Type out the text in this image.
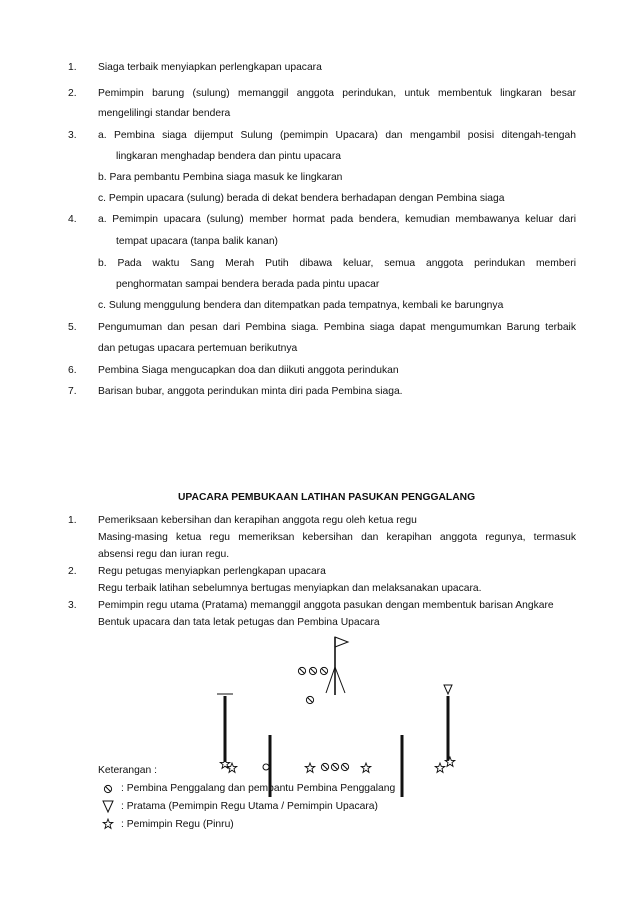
1. Siaga terbaik menyiapkan perlengkapan upacara
2. Pemimpin barung (sulung) memanggil anggota perindukan, untuk membentuk lingkaran besar
mengelilingi standar bendera
3. a. Pembina siaga dijemput Sulung (pemimpin Upacara) dan mengambil posisi ditengah-tengah
lingkaran menghadap bendera dan pintu upacara
b. Para pembantu Pembina siaga masuk ke lingkaran
c. Pempin upacara (sulung) berada di dekat bendera berhadapan dengan Pembina siaga
4. a. Pemimpin upacara (sulung) member hormat pada bendera, kemudian membawanya keluar dari
tempat upacara (tanpa balik kanan)
b. Pada waktu Sang Merah Putih dibawa keluar, semua anggota perindukan memberi
penghormatan sampai bendera berada pada pintu upacar
c. Sulung menggulung bendera dan ditempatkan pada tempatnya, kembali ke barungnya
5. Pengumuman dan pesan dari Pembina siaga. Pembina siaga dapat mengumumkan Barung terbaik
dan petugas upacara pertemuan berikutnya
6. Pembina Siaga mengucapkan doa dan diikuti anggota perindukan
7. Barisan bubar, anggota perindukan minta diri pada Pembina siaga.
UPACARA PEMBUKAAN LATIHAN PASUKAN PENGGALANG
1. Pemeriksaan kebersihan dan kerapihan anggota regu oleh ketua regu
Masing-masing ketua regu memeriksan kebersihan dan kerapihan anggota regunya, termasuk
absensi regu dan iuran regu.
2. Regu petugas menyiapkan perlengkapan upacara
Regu terbaik latihan sebelumnya bertugas menyiapkan dan melaksanakan upacara.
3. Pemimpin regu utama (Pratama) memanggil anggota pasukan dengan membentuk barisan Angkare
Bentuk upacara dan tata letak petugas dan Pembina Upacara
Keterangan :
: Pembina Penggalang dan pembantu Pembina Penggalang
: Pratama (Pemimpin Regu Utama / Pemimpin Upacara)
: Pemimpin Regu (Pinru)
